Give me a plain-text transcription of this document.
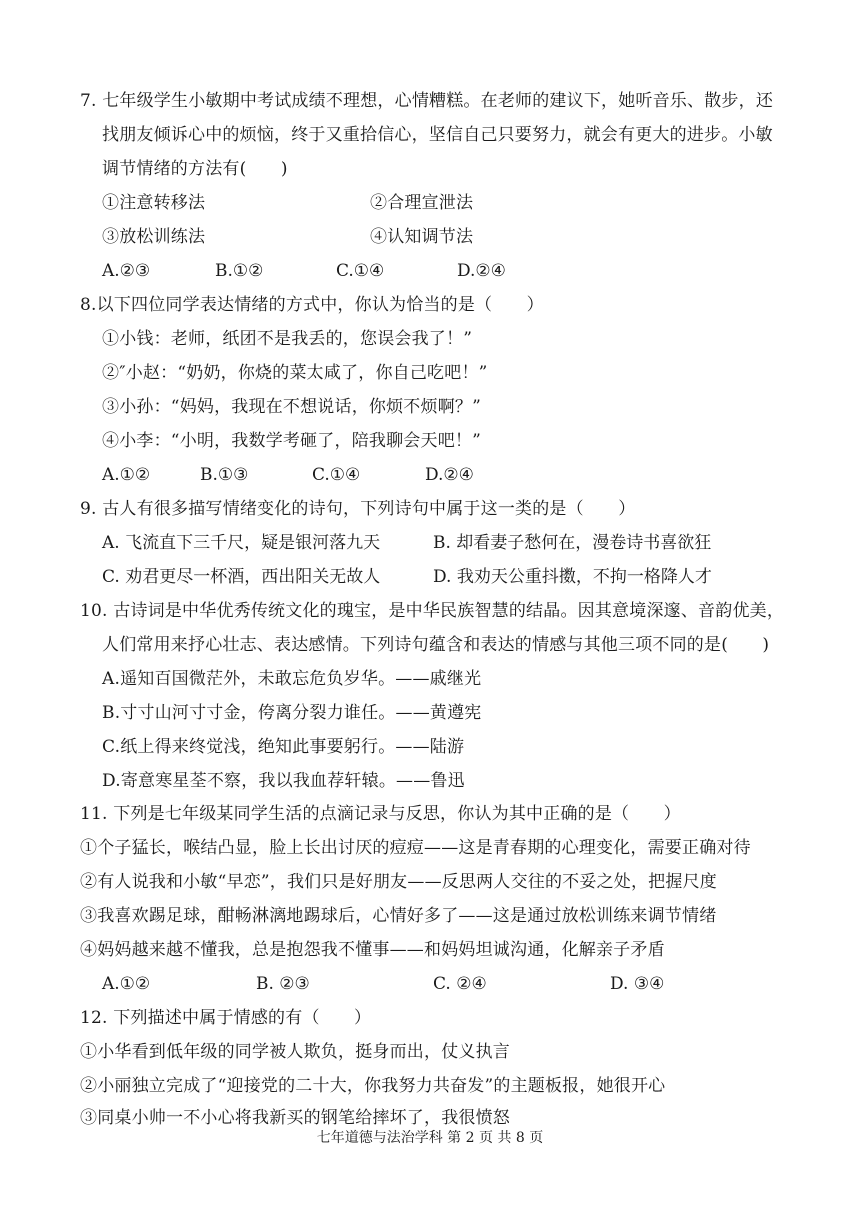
7. 七年级学生小敏期中考试成绩不理想，心情糟糕。在老师的建议下，她听音乐、散步，还
找朋友倾诉心中的烦恼，终于又重拾信心，坚信自己只要努力，就会有更大的进步。小敏
调节情绪的方法有(　　)
①注意转移法	②合理宣泄法
③放松训练法	④认知调节法
A.②③	B.①②	C.①④	D.②④
8.以下四位同学表达情绪的方式中，你认为恰当的是（　　）
①小钱：老师，纸团不是我丢的，您误会我了！”
②″小赵：“奶奶，你烧的菜太咸了，你自己吃吧！”
③小孙：“妈妈，我现在不想说话，你烦不烦啊？”
④小李：“小明，我数学考砸了，陪我聊会天吧！”
A.①②	B.①③	C.①④	D.②④
9. 古人有很多描写情绪变化的诗句，下列诗句中属于这一类的是（　　）
A. 飞流直下三千尺，疑是银河落九天	B. 却看妻子愁何在，漫卷诗书喜欲狂
C. 劝君更尽一杯酒，西出阳关无故人	D. 我劝天公重抖擞，不拘一格降人才
10. 古诗词是中华优秀传统文化的瑰宝，是中华民族智慧的结晶。因其意境深邃、音韵优美，
人们常用来抒心壮志、表达感情。下列诗句蕴含和表达的情感与其他三项不同的是(　　)
A.遥知百国微茫外，未敢忘危负岁华。——戚继光
B.寸寸山河寸寸金，侉离分裂力谁任。——黄遵宪
C.纸上得来终觉浅，绝知此事要躬行。——陆游
D.寄意寒星荃不察，我以我血荐轩辕。——鲁迅
11. 下列是七年级某同学生活的点滴记录与反思，你认为其中正确的是（　　）
①个子猛长，喉结凸显，脸上长出讨厌的痘痘——这是青春期的心理变化，需要正确对待
②有人说我和小敏“早恋”，我们只是好朋友——反思两人交往的不妥之处，把握尺度
③我喜欢踢足球，酣畅淋漓地踢球后，心情好多了——这是通过放松训练来调节情绪
④妈妈越来越不懂我，总是抱怨我不懂事——和妈妈坦诚沟通，化解亲子矛盾
A.①②	B. ②③	C. ②④	D. ③④
12. 下列描述中属于情感的有（　　）
①小华看到低年级的同学被人欺负，挺身而出，仗义执言
②小丽独立完成了“迎接党的二十大，你我努力共奋发”的主题板报，她很开心
③同桌小帅一不小心将我新买的钢笔给摔坏了，我很愤怒
七年道德与法治学科 第 2 页 共 8 页
